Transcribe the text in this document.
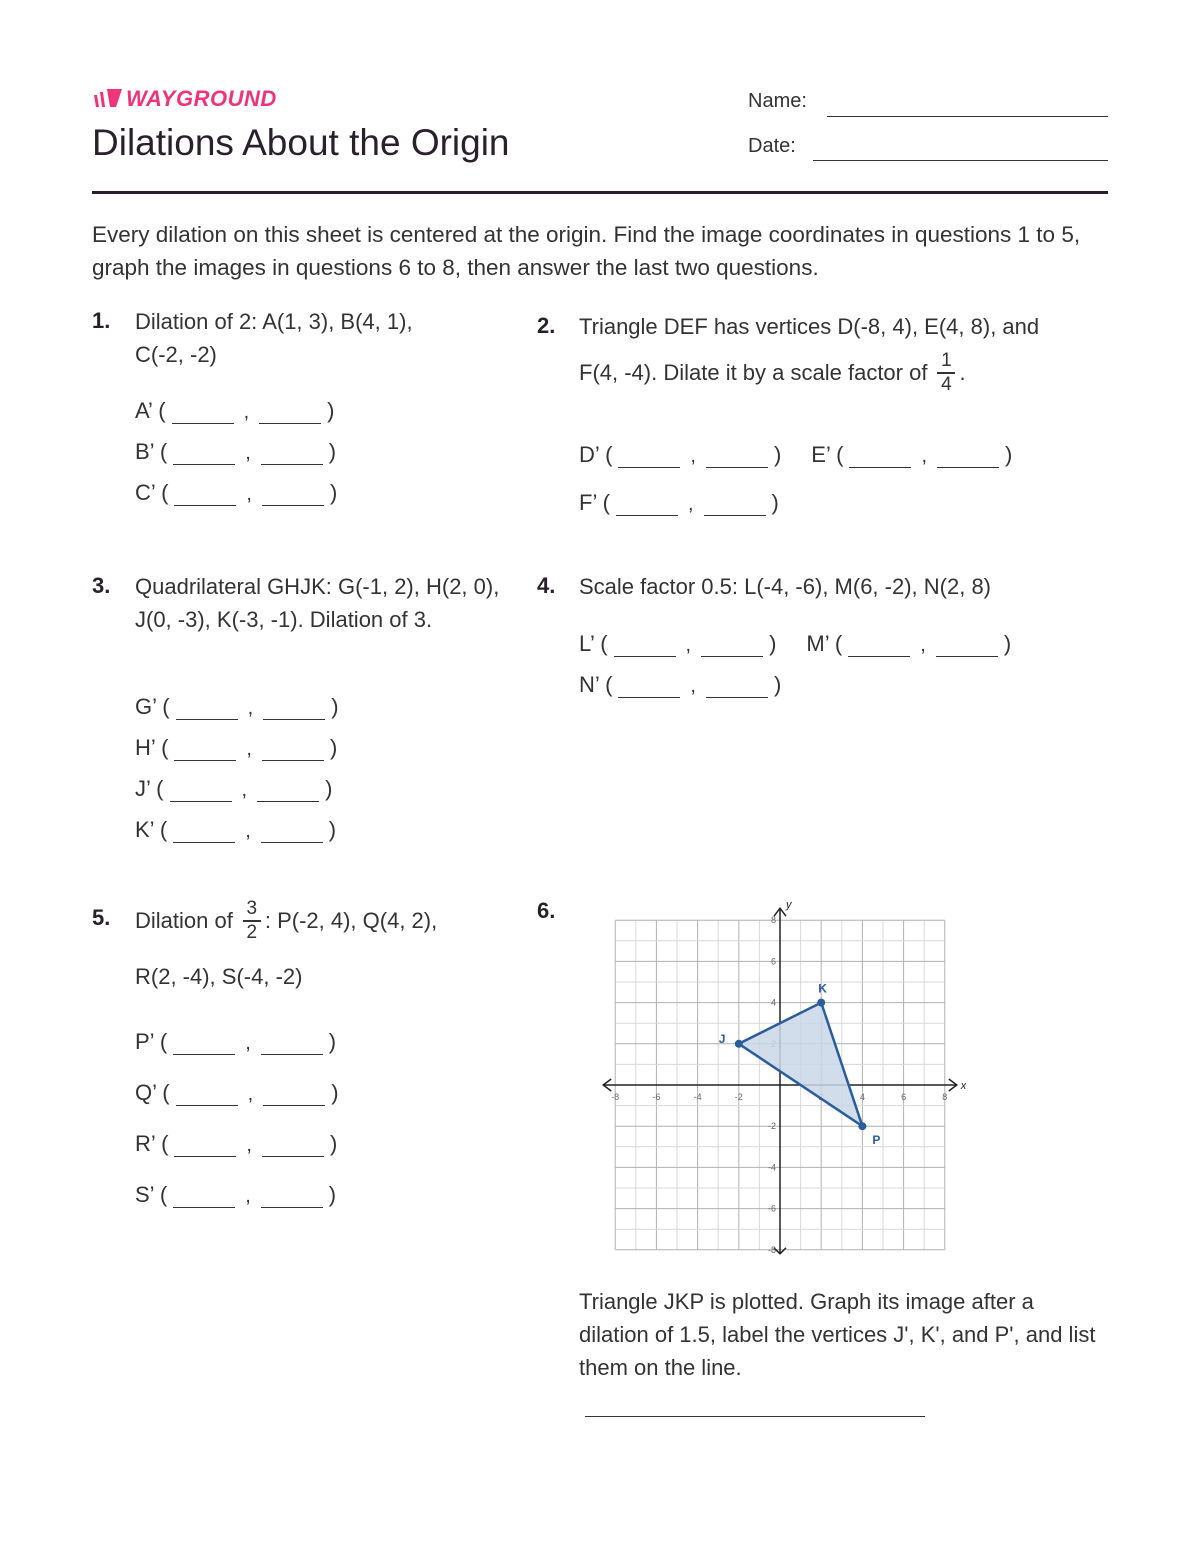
WAYGROUND
Dilations About the Origin
Name:
Date:
Every dilation on this sheet is centered at the origin. Find the image coordinates in questions 1 to 5, graph the images in questions 6 to 8, then answer the last two questions.
1. Dilation of 2: A(1, 3), B(4, 1), C(-2, -2)
A’ (	,	)
B’ (	,	)
C’ (	,	)
2. Triangle DEF has vertices D(-8, 4), E(4, 8), and
F(4, -4). Dilate it by a scale factor of $\frac{1}{4}$ .
D’ (	,	) E’ (	,	)
F’ (	,	)
3. Quadrilateral GHJK: G(-1, 2), H(2, 0), J(0, -3), K(-3, -1). Dilation of 3.
G’ (	,	)
H’ (	,	)
J’ (	,	)
K’ (	,	)
4. Scale factor 0.5: L(-4, -6), M(6, -2), N(2, 8)
L’ (	,	) M’ (	,	)
N’ (	,	)
5. Dilation of $\frac{3}{2}$ : P(-2, 4), Q(4, 2),
R(2, -4), S(-4, -2)
P’ (	,	)
Q’ (	,	)
R’ (	,	)
S’ (	,	)
6.
x
y
-8	-6	-4	-2	4	6	8
-8
-6
-4
-2
4
6
8
J
K
P
Triangle JKP is plotted. Graph its image after a dilation of 1.5, label the vertices J', K', and P', and list them on the line.
